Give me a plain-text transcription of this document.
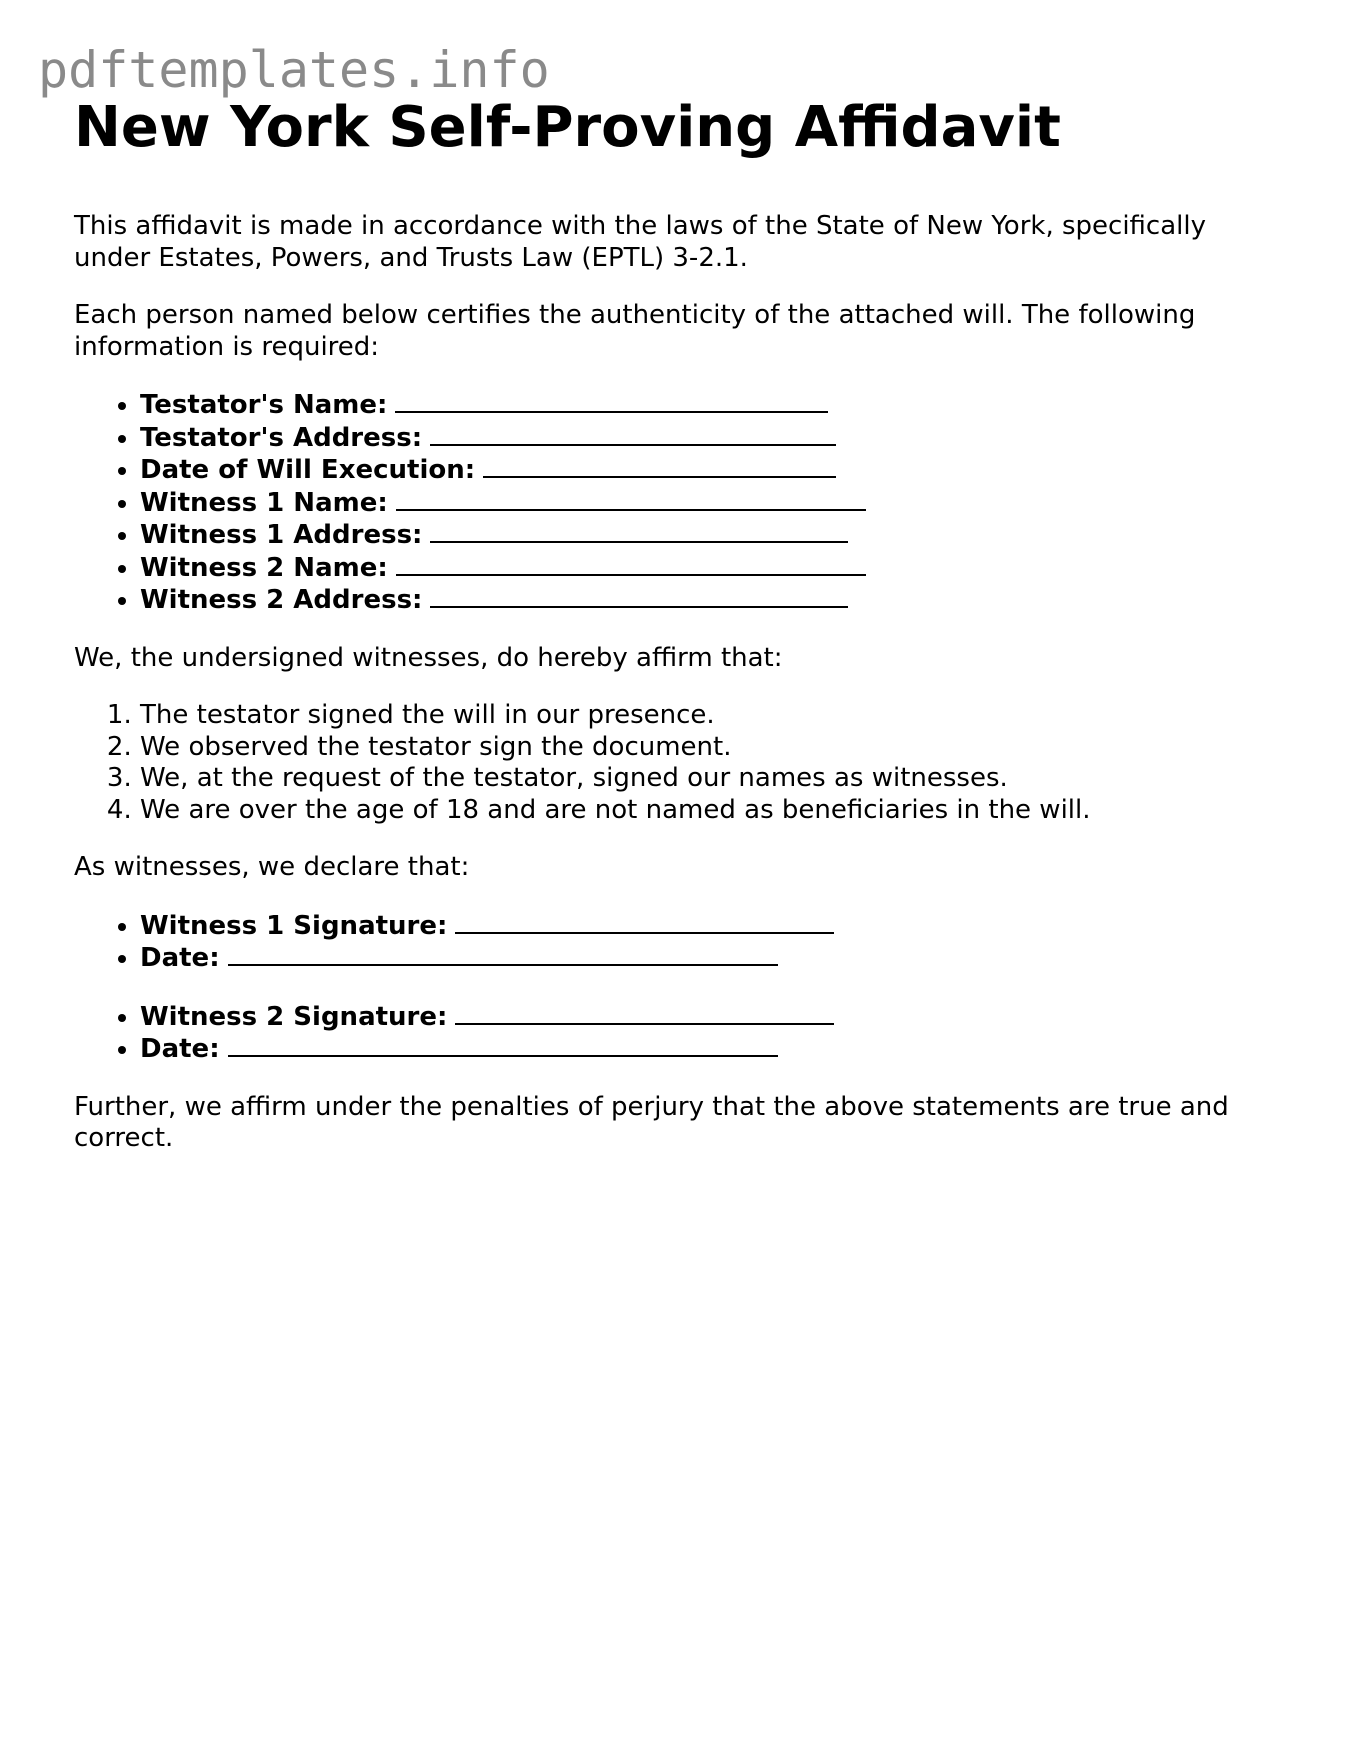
pdftemplates.info
New York Self-Proving Affidavit

This affidavit is made in accordance with the laws of the State of New York, specifically under Estates, Powers, and Trusts Law (EPTL) 3-2.1.

Each person named below certifies the authenticity of the attached will. The following information is required:

• Testator's Name:
• Testator's Address:
• Date of Will Execution:
• Witness 1 Name:
• Witness 1 Address:
• Witness 2 Name:
• Witness 2 Address:

We, the undersigned witnesses, do hereby affirm that:

1. The testator signed the will in our presence.
2. We observed the testator sign the document.
3. We, at the request of the testator, signed our names as witnesses.
4. We are over the age of 18 and are not named as beneficiaries in the will.

As witnesses, we declare that:

• Witness 1 Signature:
• Date:
• Witness 2 Signature:
• Date:

Further, we affirm under the penalties of perjury that the above statements are true and correct.
